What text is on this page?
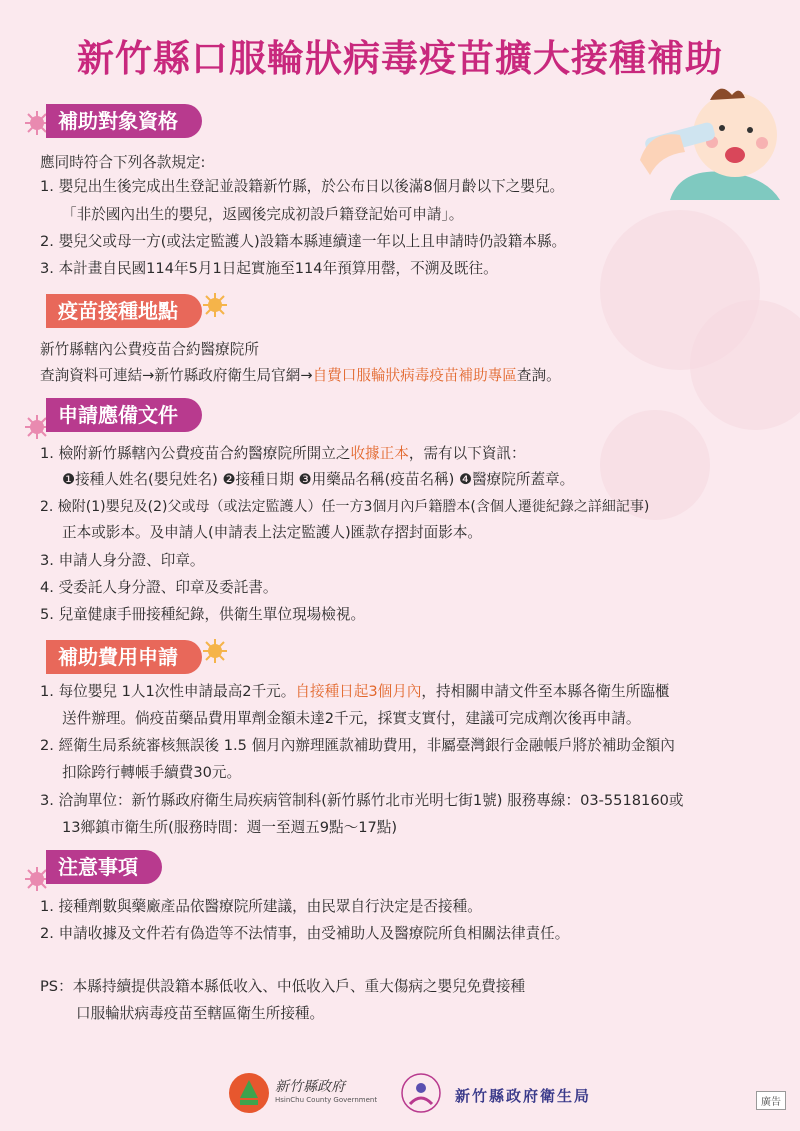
新竹縣口服輪狀病毒疫苗擴大接種補助
補助對象資格
應同時符合下列各款規定:
1. 嬰兒出生後完成出生登記並設籍新竹縣，於公布日以後滿8個月齡以下之嬰兒。
「非於國內出生的嬰兒，返國後完成初設戶籍登記始可申請」。
2. 嬰兒父或母一方(或法定監護人)設籍本縣連續達一年以上且申請時仍設籍本縣。
3. 本計畫自民國114年5月1日起實施至114年預算用罄，不溯及既往。
疫苗接種地點
新竹縣轄內公費疫苗合約醫療院所
查詢資料可連結→新竹縣政府衛生局官網→自費口服輪狀病毒疫苗補助專區查詢。
申請應備文件
1. 檢附新竹縣轄內公費疫苗合約醫療院所開立之收據正本，需有以下資訊：
❶接種人姓名(嬰兒姓名) ❷接種日期 ❸用藥品名稱(疫苗名稱) ❹醫療院所蓋章。
2. 檢附(1)嬰兒及(2)父或母（或法定監護人）任一方3個月內戶籍謄本(含個人遷徙紀錄之詳細記事)
正本或影本。及申請人(申請表上法定監護人)匯款存摺封面影本。
3. 申請人身分證、印章。
4. 受委託人身分證、印章及委託書。
5. 兒童健康手冊接種紀錄，供衛生單位現場檢視。
補助費用申請
1. 每位嬰兒 1人1次性申請最高2千元。自接種日起3個月內，持相關申請文件至本縣各衛生所臨櫃
送件辦理。倘疫苗藥品費用單劑金額未達2千元，採實支實付，建議可完成劑次後再申請。
2. 經衛生局系統審核無誤後 1.5 個月內辦理匯款補助費用，非屬臺灣銀行金融帳戶將於補助金額內
扣除跨行轉帳手續費30元。
3. 洽詢單位：新竹縣政府衛生局疾病管制科(新竹縣竹北市光明七街1號) 服務專線：03-5518160或
13鄉鎮市衛生所(服務時間：週一至週五9點～17點)
注意事項
1. 接種劑數與藥廠產品依醫療院所建議，由民眾自行決定是否接種。
2. 申請收據及文件若有偽造等不法情事，由受補助人及醫療院所負相關法律責任。
PS：本縣持續提供設籍本縣低收入、中低收入戶、重大傷病之嬰兒免費接種
口服輪狀病毒疫苗至轄區衛生所接種。
新竹縣政府
HsinChu County Government	新竹縣政府衛生局	廣告
